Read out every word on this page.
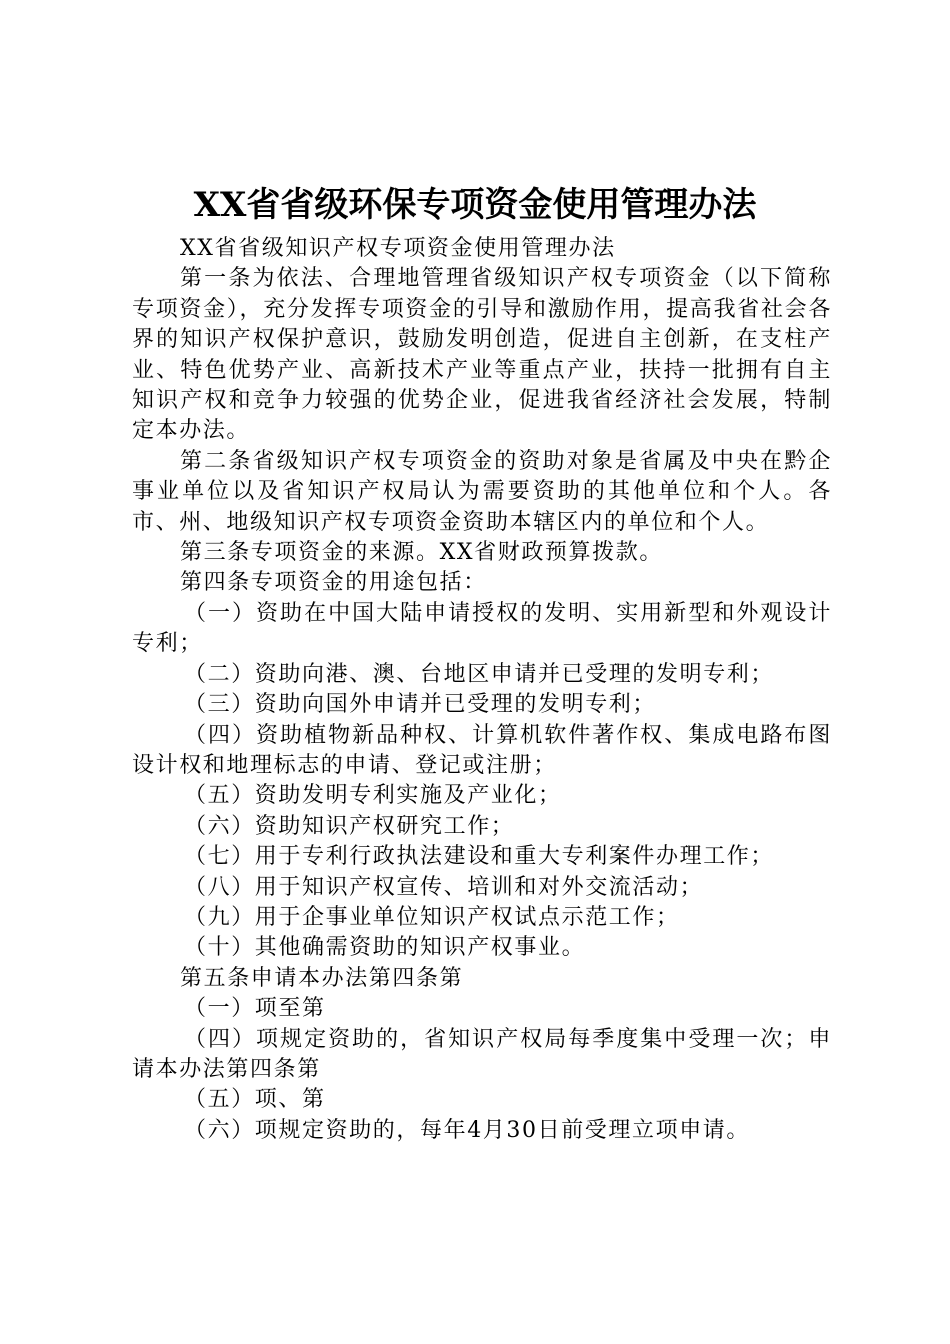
XX省省级环保专项资金使用管理办法

XX省省级知识产权专项资金使用管理办法

第一条为依法、合理地管理省级知识产权专项资金（以下简称专项资金），充分发挥专项资金的引导和激励作用，提高我省社会各界的知识产权保护意识，鼓励发明创造，促进自主创新，在支柱产业、特色优势产业、高新技术产业等重点产业，扶持一批拥有自主知识产权和竞争力较强的优势企业，促进我省经济社会发展，特制定本办法。

第二条省级知识产权专项资金的资助对象是省属及中央在黔企事业单位以及省知识产权局认为需要资助的其他单位和个人。各市、州、地级知识产权专项资金资助本辖区内的单位和个人。

第三条专项资金的来源。XX省财政预算拨款。

第四条专项资金的用途包括：

（一）资助在中国大陆申请授权的发明、实用新型和外观设计专利；

（二）资助向港、澳、台地区申请并已受理的发明专利；

（三）资助向国外申请并已受理的发明专利；

（四）资助植物新品种权、计算机软件著作权、集成电路布图设计权和地理标志的申请、登记或注册；

（五）资助发明专利实施及产业化；

（六）资助知识产权研究工作；

（七）用于专利行政执法建设和重大专利案件办理工作；

（八）用于知识产权宣传、培训和对外交流活动；

（九）用于企事业单位知识产权试点示范工作；

（十）其他确需资助的知识产权事业。

第五条申请本办法第四条第

（一）项至第

（四）项规定资助的，省知识产权局每季度集中受理一次；申请本办法第四条第

（五）项、第

（六）项规定资助的，每年4月30日前受理立项申请。
